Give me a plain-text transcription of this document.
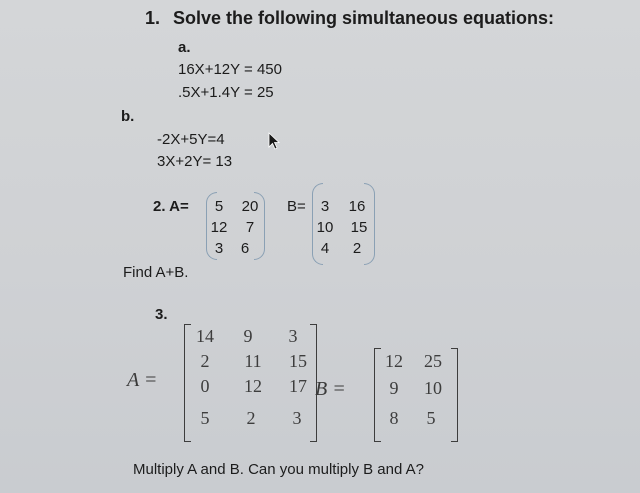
1. Solve the following simultaneous equations:
a.
16X+12Y = 450
.5X+1.4Y = 25
b.
-2X+5Y=4
3X+2Y= 13
2. A=	5	20
12	7
3	6
B=	3	16
10 15
4	2
Find A+B.
3.
A =
14	9	3
2	11	15
0	12	17
5	2	3
B =
12	25
9	10
8	5
Multiply A and B. Can you multiply B and A?
